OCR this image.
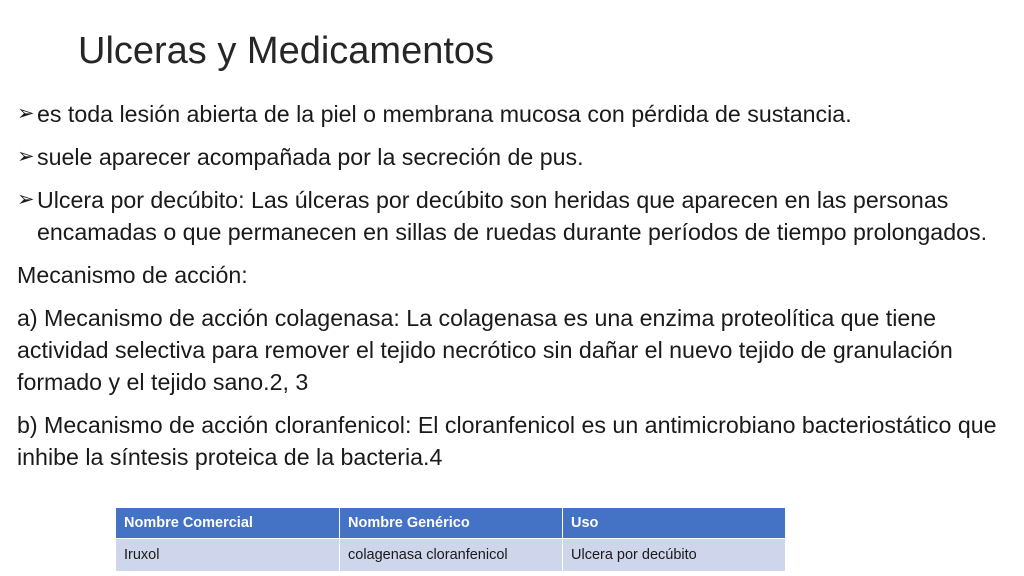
Ulceras y Medicamentos
➢ es toda lesión abierta de la piel o membrana mucosa con pérdida de sustancia.
➢ suele aparecer acompañada por la secreción de pus.
➢ Ulcera por decúbito: Las úlceras por decúbito son heridas que aparecen en las personas encamadas o que permanecen en sillas de ruedas durante períodos de tiempo prolongados.
Mecanismo de acción:
a) Mecanismo de acción colagenasa: La colagenasa es una enzima proteolítica que tiene actividad selectiva para remover el tejido necrótico sin dañar el nuevo tejido de granulación formado y el tejido sano.2, 3
b) Mecanismo de acción cloranfenicol: El cloranfenicol es un antimicrobiano bacteriostático que inhibe la síntesis proteica de la bacteria.4
Nombre Comercial	Nombre Genérico	Uso
Iruxol	colagenasa cloranfenicol	Ulcera por decúbito
